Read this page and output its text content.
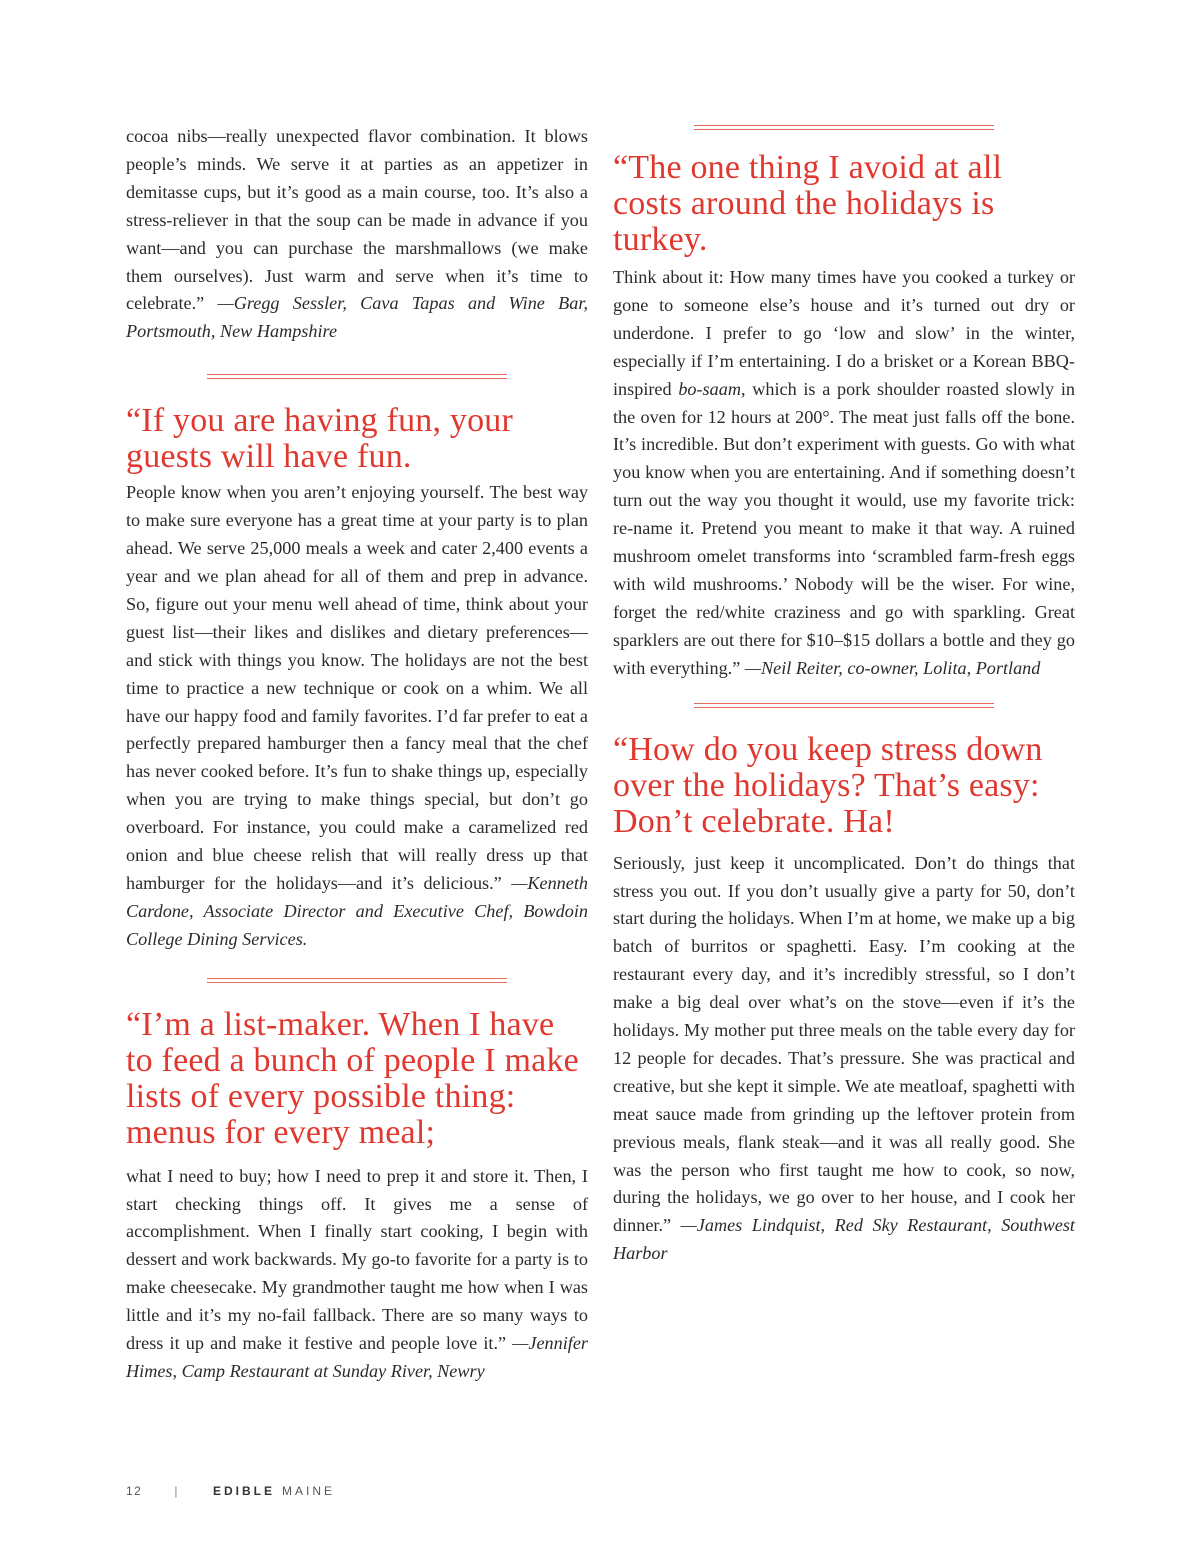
cocoa nibs—really unexpected flavor combination. It blows people’s minds. We serve it at parties as an appetizer in demitasse cups, but it’s good as a main course, too. It’s also a stress-reliever in that the soup can be made in advance if you want—and you can purchase the marshmallows (we make them ourselves). Just warm and serve when it’s time to celebrate.” —Gregg Sessler, Cava Tapas and Wine Bar, Portsmouth, New Hampshire

“If you are having fun, your guests will have fun.

People know when you aren’t enjoying yourself. The best way to make sure everyone has a great time at your party is to plan ahead. We serve 25,000 meals a week and cater 2,400 events a year and we plan ahead for all of them and prep in advance. So, figure out your menu well ahead of time, think about your guest list—their likes and dislikes and dietary preferences—and stick with things you know. The holidays are not the best time to practice a new technique or cook on a whim. We all have our happy food and family favorites. I’d far prefer to eat a perfectly prepared hamburger then a fancy meal that the chef has never cooked before. It’s fun to shake things up, especially when you are trying to make things special, but don’t go overboard. For instance, you could make a caramelized red onion and blue cheese relish that will really dress up that hamburger for the holidays—and it’s delicious.” —Kenneth Cardone, Associate Director and Executive Chef, Bowdoin College Dining Services.

“I’m a list-maker. When I have to feed a bunch of people I make lists of every possible thing: menus for every meal;

what I need to buy; how I need to prep it and store it. Then, I start checking things off. It gives me a sense of accomplishment. When I finally start cooking, I begin with dessert and work backwards. My go-to favorite for a party is to make cheesecake. My grandmother taught me how when I was little and it’s my no-fail fallback. There are so many ways to dress it up and make it festive and people love it.” —Jennifer Himes, Camp Restaurant at Sunday River, Newry

“The one thing I avoid at all costs around the holidays is turkey.

Think about it: How many times have you cooked a turkey or gone to someone else’s house and it’s turned out dry or underdone. I prefer to go ‘low and slow’ in the winter, especially if I’m entertaining. I do a brisket or a Korean BBQ-inspired bo-saam, which is a pork shoulder roasted slowly in the oven for 12 hours at 200°. The meat just falls off the bone. It’s incredible. But don’t experiment with guests. Go with what you know when you are entertaining. And if something doesn’t turn out the way you thought it would, use my favorite trick: re-name it. Pretend you meant to make it that way. A ruined mushroom omelet transforms into ‘scrambled farm-fresh eggs with wild mushrooms.’ Nobody will be the wiser. For wine, forget the red/white craziness and go with sparkling. Great sparklers are out there for $10–$15 dollars a bottle and they go with everything.” —Neil Reiter, co-owner, Lolita, Portland

“How do you keep stress down over the holidays? That’s easy: Don’t celebrate. Ha!

Seriously, just keep it uncomplicated. Don’t do things that stress you out. If you don’t usually give a party for 50, don’t start during the holidays. When I’m at home, we make up a big batch of burritos or spaghetti. Easy. I’m cooking at the restaurant every day, and it’s incredibly stressful, so I don’t make a big deal over what’s on the stove—even if it’s the holidays. My mother put three meals on the table every day for 12 people for decades. That’s pressure. She was practical and creative, but she kept it simple. We ate meatloaf, spaghetti with meat sauce made from grinding up the leftover protein from previous meals, flank steak—and it was all really good. She was the person who first taught me how to cook, so now, during the holidays, we go over to her house, and I cook her dinner.” —James Lindquist, Red Sky Restaurant, Southwest Harbor

12	|	EDIBLE MAINE
